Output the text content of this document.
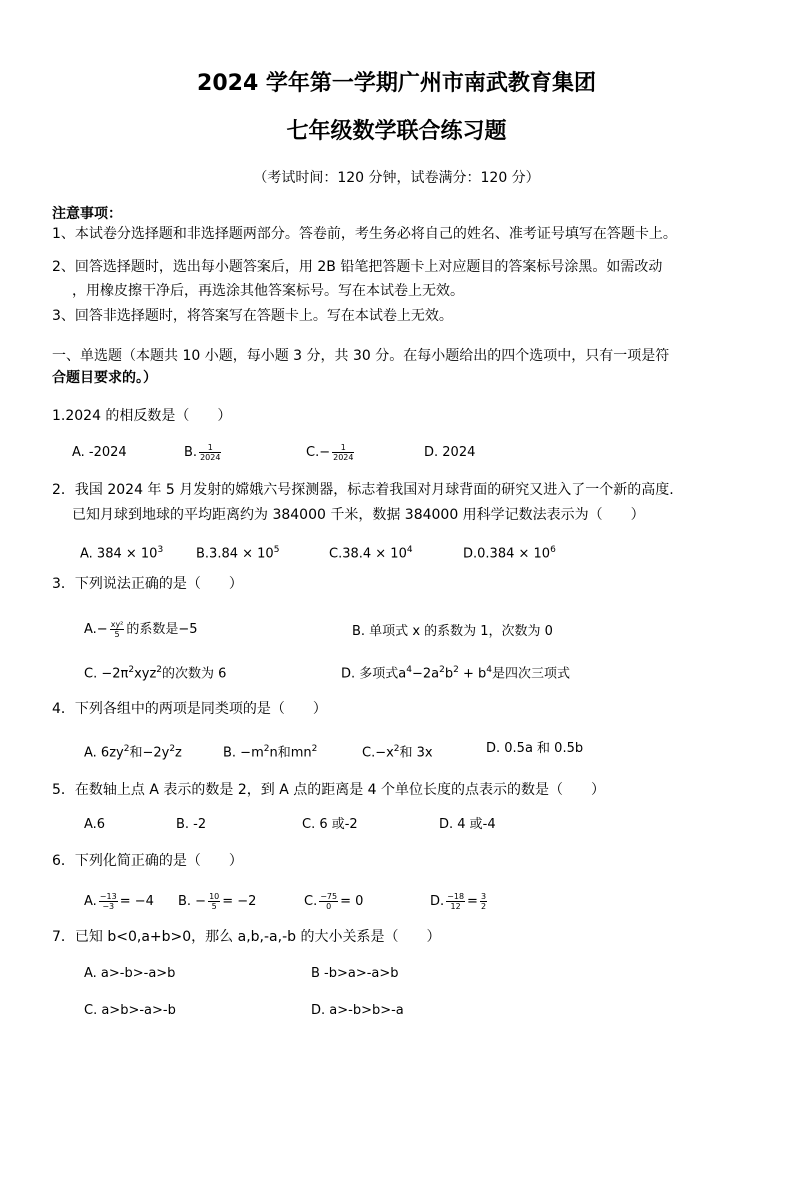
2024 学年第一学期广州市南武教育集团
七年级数学联合练习题
（考试时间：120 分钟，试卷满分：120 分）
注意事项：
1、本试卷分选择题和非选择题两部分。答卷前，考生务必将自己的姓名、准考证号填写在答题卡上。
2、回答选择题时，选出每小题答案后，用 2B 铅笔把答题卡上对应题目的答案标号涂黑。如需改动
，用橡皮擦干净后，再选涂其他答案标号。写在本试卷上无效。
3、回答非选择题时，将答案写在答题卡上。写在本试卷上无效。
一、单选题（本题共 10 小题，每小题 3 分，共 30 分。在每小题给出的四个选项中，只有一项是符
合题目要求的。）
1.2024 的相反数是（　　）
A. -2024	B. $\frac{1}{2024}$	$C.- \frac{1}{2024}$	D. 2024
2．我国 2024 年 5 月发射的嫦娥六号探测器，标志着我国对月球背面的研究又进入了一个新的高度.
已知月球到地球的平均距离约为 384000 千米，数据 384000 用科学记数法表示为（　　）
A. $384 \times 10^3$	$B.3.84 \times 10^5$	$C.38.4 \times 10^4$	$D.0.384 \times 10^6$
3．下列说法正确的是（　　）
$A.- \frac{\text{xy²}}{5}$ 的系数是−5	B. 单项式 x 的系数为 1，次数为 0
C. $-2\pi^2xyz^2$的次数为 6	D. 多项式$a^4-2a^2b^2 + b^4$是四次三项式
4．下列各组中的两项是同类项的是（　　）
A. $6zy^2$和$-2y^2z$	B. $-m^2n$和$mn^2$	$C.-x^2$和 3x	D. 0.5a 和 0.5b
5．在数轴上点 A 表示的数是 2，到 A 点的距离是 4 个单位长度的点表示的数是（　　）
A.6	B. -2	C. 6 或-2	D. 4 或-4
6．下列化简正确的是（　　）
A. $\frac{-13}{-3} = -4$ B. − $\frac{10}{5} = -2$	C. $\frac{-75}{0} = 0$	D. $\frac{-18}{12} = \frac{3}{2}$
7．已知 b<0,a+b>0，那么 a,b,-a,-b 的大小关系是（　　）
A. a>-b>-a>b	B -b>a>-a>b
C. a>b>-a>-b	D. a>-b>b>-a
